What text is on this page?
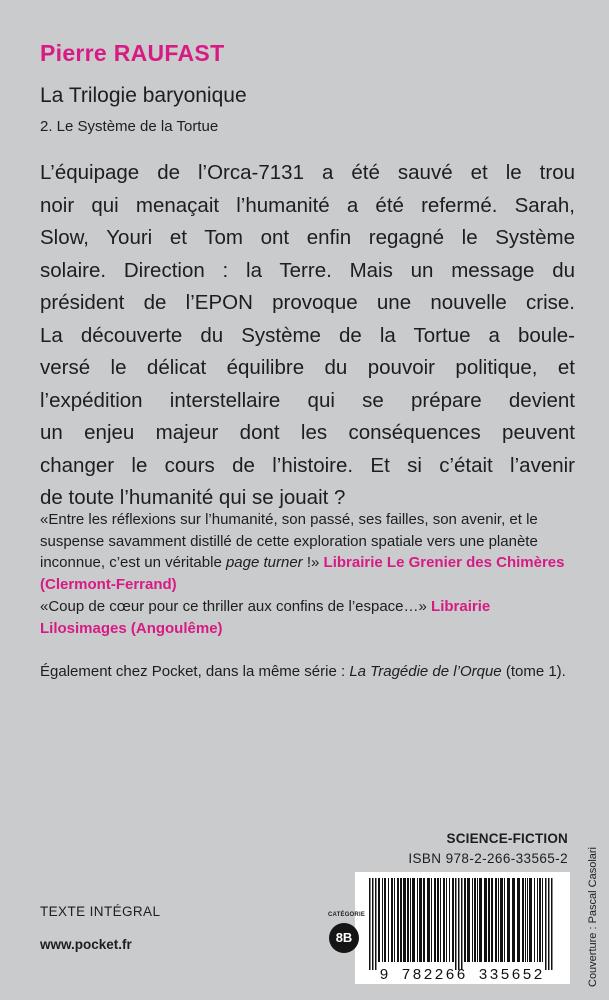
Pierre RAUFAST
La Trilogie baryonique
2. Le Système de la Tortue
L’équipage de l’Orca-7131 a été sauvé et le trou
noir qui menaçait l’humanité a été refermé. Sarah,
Slow, Youri et Tom ont enfin regagné le Système
solaire. Direction : la Terre. Mais un message du
président de l’EPON provoque une nouvelle crise.
La découverte du Système de la Tortue a boule-
versé le délicat équilibre du pouvoir politique, et
l’expédition interstellaire qui se prépare devient
un enjeu majeur dont les conséquences peuvent
changer le cours de l’histoire. Et si c’était l’avenir
de toute l’humanité qui se jouait ?
«Entre les réflexions sur l’humanité, son passé, ses failles, son avenir, et le suspense savamment distillé de cette exploration spatiale vers une planète inconnue, c’est un véritable page turner !» Librairie Le Grenier des Chimères (Clermont-Ferrand)
«Coup de cœur pour ce thriller aux confins de l’espace…» Librairie Lilosimages (Angoulême)
Également chez Pocket, dans la même série : La Tragédie de l’Orque (tome 1).
SCIENCE-FICTION
ISBN 978-2-266-33565-2
9 782266 335652
TEXTE INTÉGRAL
www.pocket.fr
CATÉGORIE
8B	Couverture : Pascal Casolari
